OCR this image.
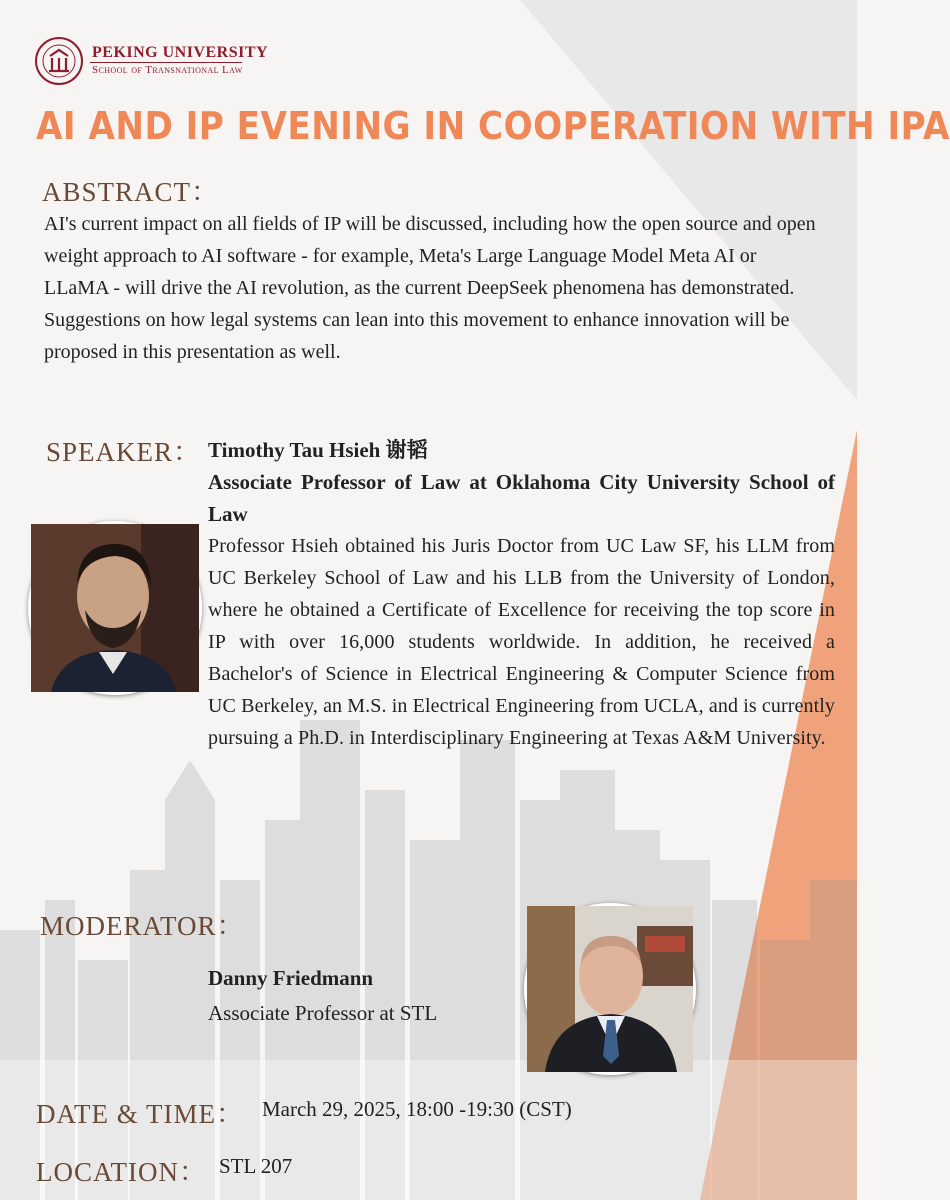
PEKING UNIVERSITY
School of Transnational Law
AI AND IP EVENING IN COOPERATION WITH IPA
ABSTRACT：
AI's current impact on all fields of IP will be discussed, including how the open source and open weight approach to AI software - for example, Meta's Large Language Model Meta AI or LLaMA - will drive the AI revolution, as the current DeepSeek phenomena has demonstrated. Suggestions on how legal systems can lean into this movement to enhance innovation will be proposed in this presentation as well.
SPEAKER： Timothy Tau Hsieh 谢韬
Associate Professor of Law at Oklahoma City University School of Law
Professor Hsieh obtained his Juris Doctor from UC Law SF, his LLM from UC Berkeley School of Law and his LLB from the University of London, where he obtained a Certificate of Excellence for receiving the top score in IP with over 16,000 students worldwide. In addition, he received a Bachelor's of Science in Electrical Engineering & Computer Science from UC Berkeley, an M.S. in Electrical Engineering from UCLA, and is currently pursuing a Ph.D. in Interdisciplinary Engineering at Texas A&M University.
MODERATOR：
Danny Friedmann
Associate Professor at STL
DATE & TIME： March 29, 2025, 18:00 -19:30 (CST)
LOCATION： STL 207
